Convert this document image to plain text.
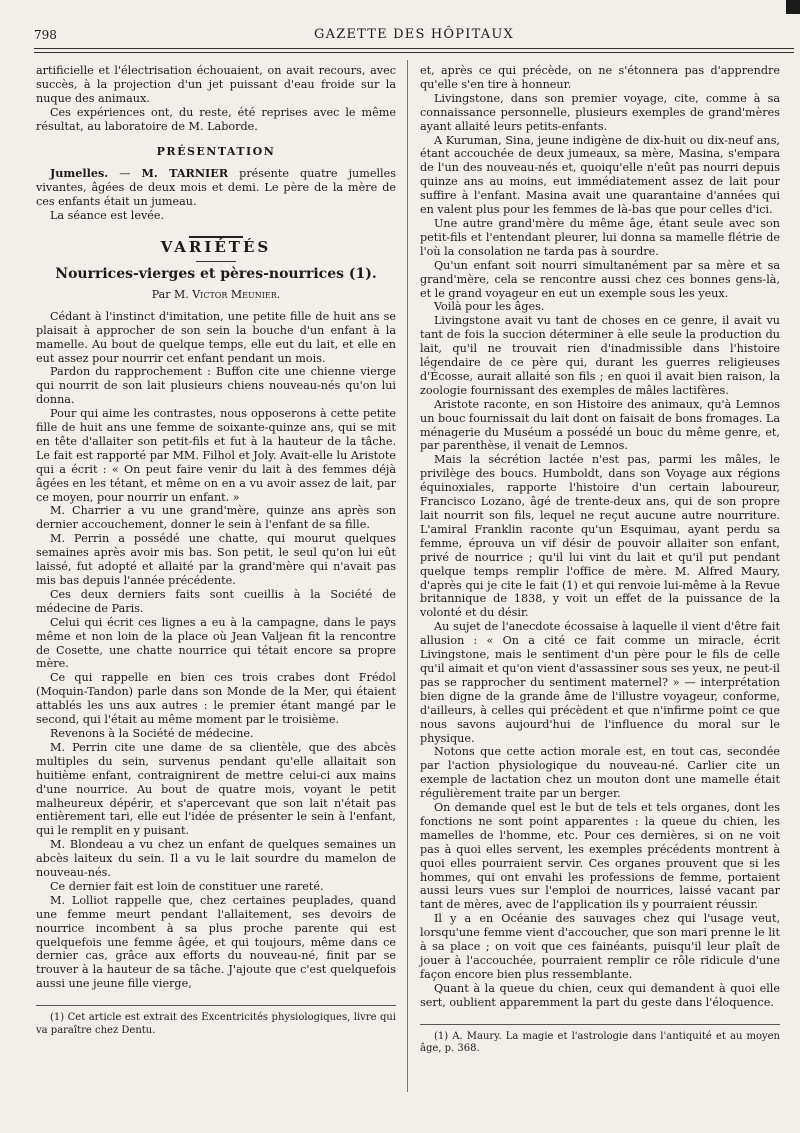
798	GAZETTE DES HÔPITAUX

artificielle et l'électrisation échouaient, on avait recours, avec succès, à la projection d'un jet puissant d'eau froide sur la nuque des animaux.

Ces expériences ont, du reste, été reprises avec le même résultat, au laboratoire de M. Laborde.

PRÉSENTATION

Jumelles. — M. TARNIER présente quatre jumelles vivantes, âgées de deux mois et demi. Le père de la mère de ces enfants était un jumeau.

La séance est levée.

VARIÉTÉS
Nourrices-vierges et pères-nourrices (1).
Par M. Victor Meunier.

Cédant à l'instinct d'imitation, une petite fille de huit ans se plaisait à approcher de son sein la bouche d'un enfant à la mamelle. Au bout de quelque temps, elle eut du lait, et elle en eut assez pour nourrir cet enfant pendant un mois.

Pardon du rapprochement : Buffon cite une chienne vierge qui nourrit de son lait plusieurs chiens nouveau-nés qu'on lui donna.

Pour qui aime les contrastes, nous opposerons à cette petite fille de huit ans une femme de soixante-quinze ans, qui se mit en tête d'allaiter son petit-fils et fut à la hauteur de la tâche. Le fait est rapporté par MM. Filhol et Joly. Avait-elle lu Aristote qui a écrit : « On peut faire venir du lait à des femmes déjà âgées en les tétant, et même on en a vu avoir assez de lait, par ce moyen, pour nourrir un enfant. »

M. Charrier a vu une grand'mère, quinze ans après son dernier accouchement, donner le sein à l'enfant de sa fille.

M. Perrin a possédé une chatte, qui mourut quelques semaines après avoir mis bas. Son petit, le seul qu'on lui eût laissé, fut adopté et allaité par la grand'mère qui n'avait pas mis bas depuis l'année précédente.

Ces deux derniers faits sont cueillis à la Société de médecine de Paris.

Celui qui écrit ces lignes a eu à la campagne, dans le pays même et non loin de la place où Jean Valjean fit la rencontre de Cosette, une chatte nourrice qui tétait encore sa propre mère.

Ce qui rappelle en bien ces trois crabes dont Frédol (Moquin-Tandon) parle dans son Monde de la Mer, qui étaient attablés les uns aux autres : le premier étant mangé par le second, qui l'était au même moment par le troisième.

Revenons à la Société de médecine.

M. Perrin cite une dame de sa clientèle, que des abcès multiples du sein, survenus pendant qu'elle allaitait son huitième enfant, contraignirent de mettre celui-ci aux mains d'une nourrice. Au bout de quatre mois, voyant le petit malheureux dépérir, et s'apercevant que son lait n'était pas entièrement tari, elle eut l'idée de présenter le sein à l'enfant, qui le remplit en y puisant.

M. Blondeau a vu chez un enfant de quelques semaines un abcès laiteux du sein. Il a vu le lait sourdre du mamelon de nouveau-nés.

Ce dernier fait est loin de constituer une rareté.

M. Lolliot rappelle que, chez certaines peuplades, quand une femme meurt pendant l'allaitement, ses devoirs de nourrice incombent à sa plus proche parente qui est quelquefois une femme âgée, et qui toujours, même dans ce dernier cas, grâce aux efforts du nouveau-né, finit par se trouver à la hauteur de sa tâche. J'ajoute que c'est quelquefois aussi une jeune fille vierge,

(1) Cet article est extrait des Excentricités physiologiques, livre qui va paraître chez Dentu.

et, après ce qui précède, on ne s'étonnera pas d'apprendre qu'elle s'en tire à honneur.

Livingstone, dans son premier voyage, cite, comme à sa connaissance personnelle, plusieurs exemples de grand'mères ayant allaité leurs petits-enfants.

A Kuruman, Sina, jeune indigène de dix-huit ou dix-neuf ans, étant accouchée de deux jumeaux, sa mère, Masina, s'empara de l'un des nouveau-nés et, quoiqu'elle n'eût pas nourri depuis quinze ans au moins, eut immédiatement assez de lait pour suffire à l'enfant. Masina avait une quarantaine d'années qui en valent plus pour les femmes de là-bas que pour celles d'ici.

Une autre grand'mère du même âge, étant seule avec son petit-fils et l'entendant pleurer, lui donna sa mamelle flétrie de l'où la consolation ne tarda pas à sourdre.

Qu'un enfant soit nourri simultanément par sa mère et sa grand'mère, cela se rencontre aussi chez ces bonnes gens-là, et le grand voyageur en eut un exemple sous les yeux.

Voilà pour les âges.

Livingstone avait vu tant de choses en ce genre, il avait vu tant de fois la succion déterminer à elle seule la production du lait, qu'il ne trouvait rien d'inadmissible dans l'histoire légendaire de ce père qui, durant les guerres religieuses d'Écosse, aurait allaité son fils ; en quoi il avait bien raison, la zoologie fournissant des exemples de mâles lactifères.

Aristote raconte, en son Histoire des animaux, qu'à Lemnos un bouc fournissait du lait dont on faisait de bons fromages. La ménagerie du Muséum a possédé un bouc du même genre, et, par parenthèse, il venait de Lemnos.

Mais la sécrétion lactée n'est pas, parmi les mâles, le privilège des boucs. Humboldt, dans son Voyage aux régions équinoxiales, rapporte l'histoire d'un certain laboureur, Francisco Lozano, âgé de trente-deux ans, qui de son propre lait nourrit son fils, lequel ne reçut aucune autre nourriture. L'amiral Franklin raconte qu'un Esquimau, ayant perdu sa femme, éprouva un vif désir de pouvoir allaiter son enfant, privé de nourrice ; qu'il lui vint du lait et qu'il put pendant quelque temps remplir l'office de mère. M. Alfred Maury, d'après qui je cite le fait (1) et qui renvoie lui-même à la Revue britannique de 1838, y voit un effet de la puissance de la volonté et du désir.

Au sujet de l'anecdote écossaise à laquelle il vient d'être fait allusion : « On a cité ce fait comme un miracle, écrit Livingstone, mais le sentiment d'un père pour le fils de celle qu'il aimait et qu'on vient d'assassiner sous ses yeux, ne peut-il pas se rapprocher du sentiment maternel? » — interprétation bien digne de la grande âme de l'illustre voyageur, conforme, d'ailleurs, à celles qui précèdent et que n'infirme point ce que nous savons aujourd'hui de l'influence du moral sur le physique.

Notons que cette action morale est, en tout cas, secondée par l'action physiologique du nouveau-né. Carlier cite un exemple de lactation chez un mouton dont une mamelle était régulièrement traite par un berger.

On demande quel est le but de tels et tels organes, dont les fonctions ne sont point apparentes : la queue du chien, les mamelles de l'homme, etc. Pour ces dernières, si on ne voit pas à quoi elles servent, les exemples précédents montrent à quoi elles pourraient servir. Ces organes prouvent que si les hommes, qui ont envahi les professions de femme, portaient aussi leurs vues sur l'emploi de nourrices, laissé vacant par tant de mères, avec de l'application ils y pourraient réussir.

Il y a en Océanie des sauvages chez qui l'usage veut, lorsqu'une femme vient d'accoucher, que son mari prenne le lit à sa place ; on voit que ces fainéants, puisqu'il leur plaît de jouer à l'accouchée, pourraient remplir ce rôle ridicule d'une façon encore bien plus ressemblante.

Quant à la queue du chien, ceux qui demandent à quoi elle sert, oublient apparemment la part du geste dans l'éloquence.

(1) A. Maury. La magie et l'astrologie dans l'antiquité et au moyen âge, p. 368.
